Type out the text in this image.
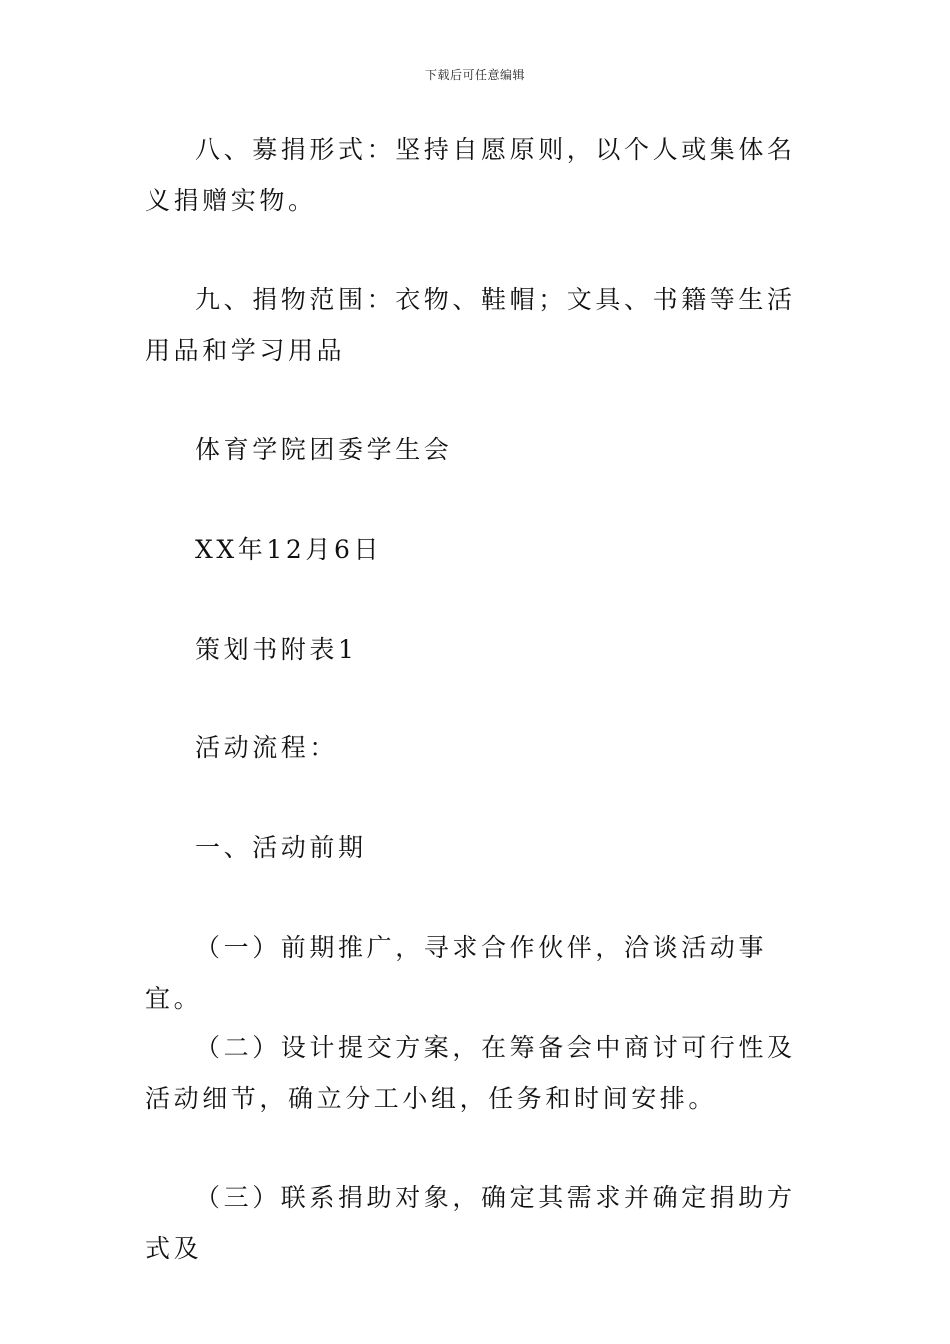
下载后可任意编辑

八、募捐形式：坚持自愿原则，以个人或集体名义捐赠实物。

九、捐物范围：衣物、鞋帽；文具、书籍等生活用品和学习用品

体育学院团委学生会

XX年12月6日

策划书附表1

活动流程：

一、活动前期

（一）前期推广，寻求合作伙伴，洽谈活动事宜。

（二）设计提交方案，在筹备会中商讨可行性及活动细节，确立分工小组，任务和时间安排。

（三）联系捐助对象，确定其需求并确定捐助方式及
